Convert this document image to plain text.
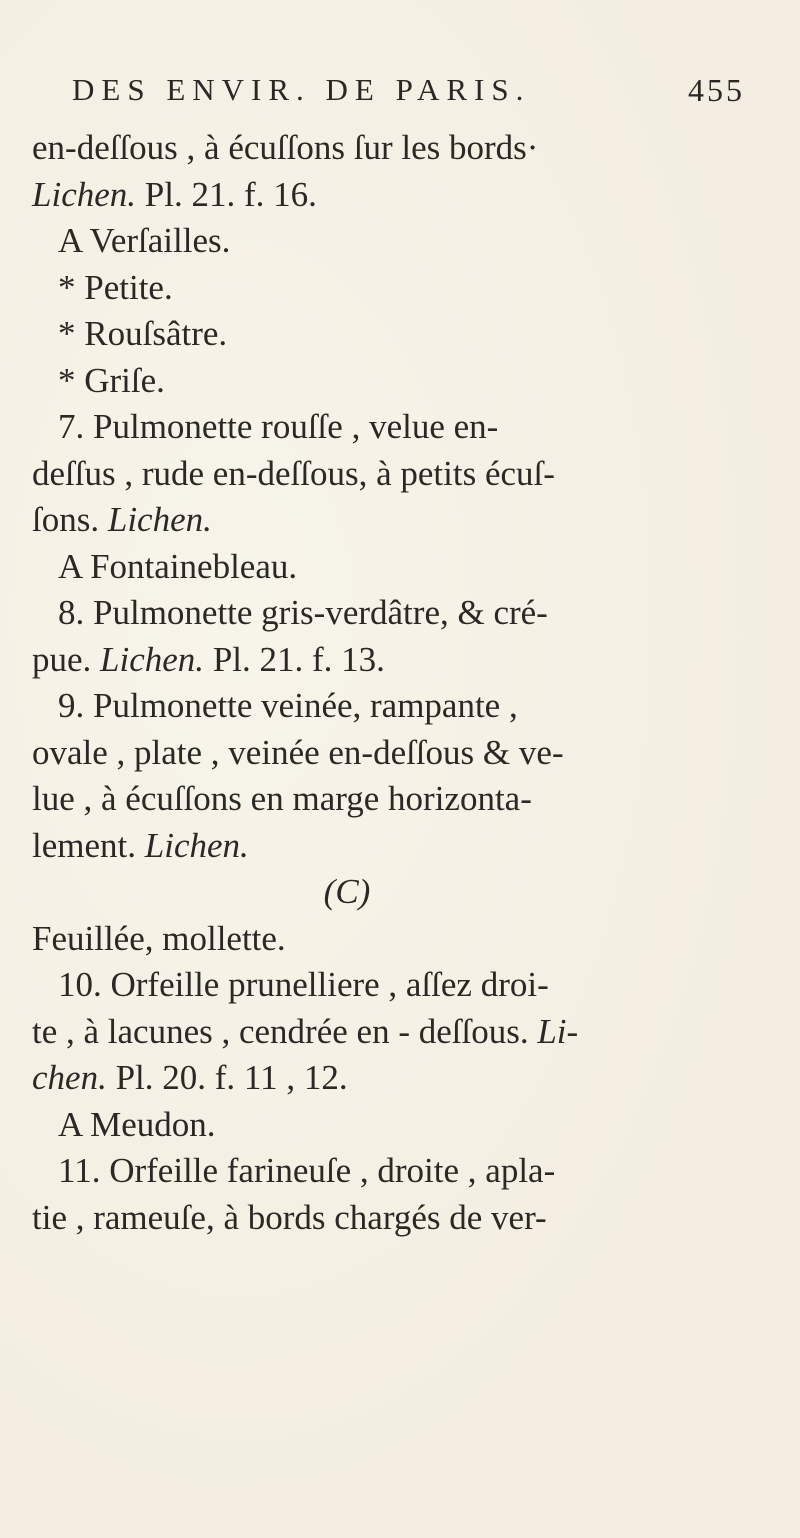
DES ENVIR. DE PARIS.	455
en-deſſous , à écuſſons ſur les bords·
Lichen. Pl. 21. f. 16.
A Verſailles.
* Petite.
* Rouſsâtre.
* Griſe.
7. Pulmonette rouſſe , velue en-
deſſus , rude en-deſſous, à petits écuſ-
ſons. Lichen.
A Fontainebleau.
8. Pulmonette gris-verdâtre, & cré-
pue. Lichen. Pl. 21. f. 13.
9. Pulmonette veinée, rampante ,
ovale , plate , veinée en-deſſous & ve-
lue , à écuſſons en marge horizonta-
lement. Lichen.
(C)
Feuillée, mollette.
10. Orfeille prunelliere , aſſez droi-
te , à lacunes , cendrée en - deſſous. Li-
chen. Pl. 20. f. 11 , 12.
A Meudon.
11. Orfeille farineuſe , droite , apla-
tie , rameuſe, à bords chargés de ver-
